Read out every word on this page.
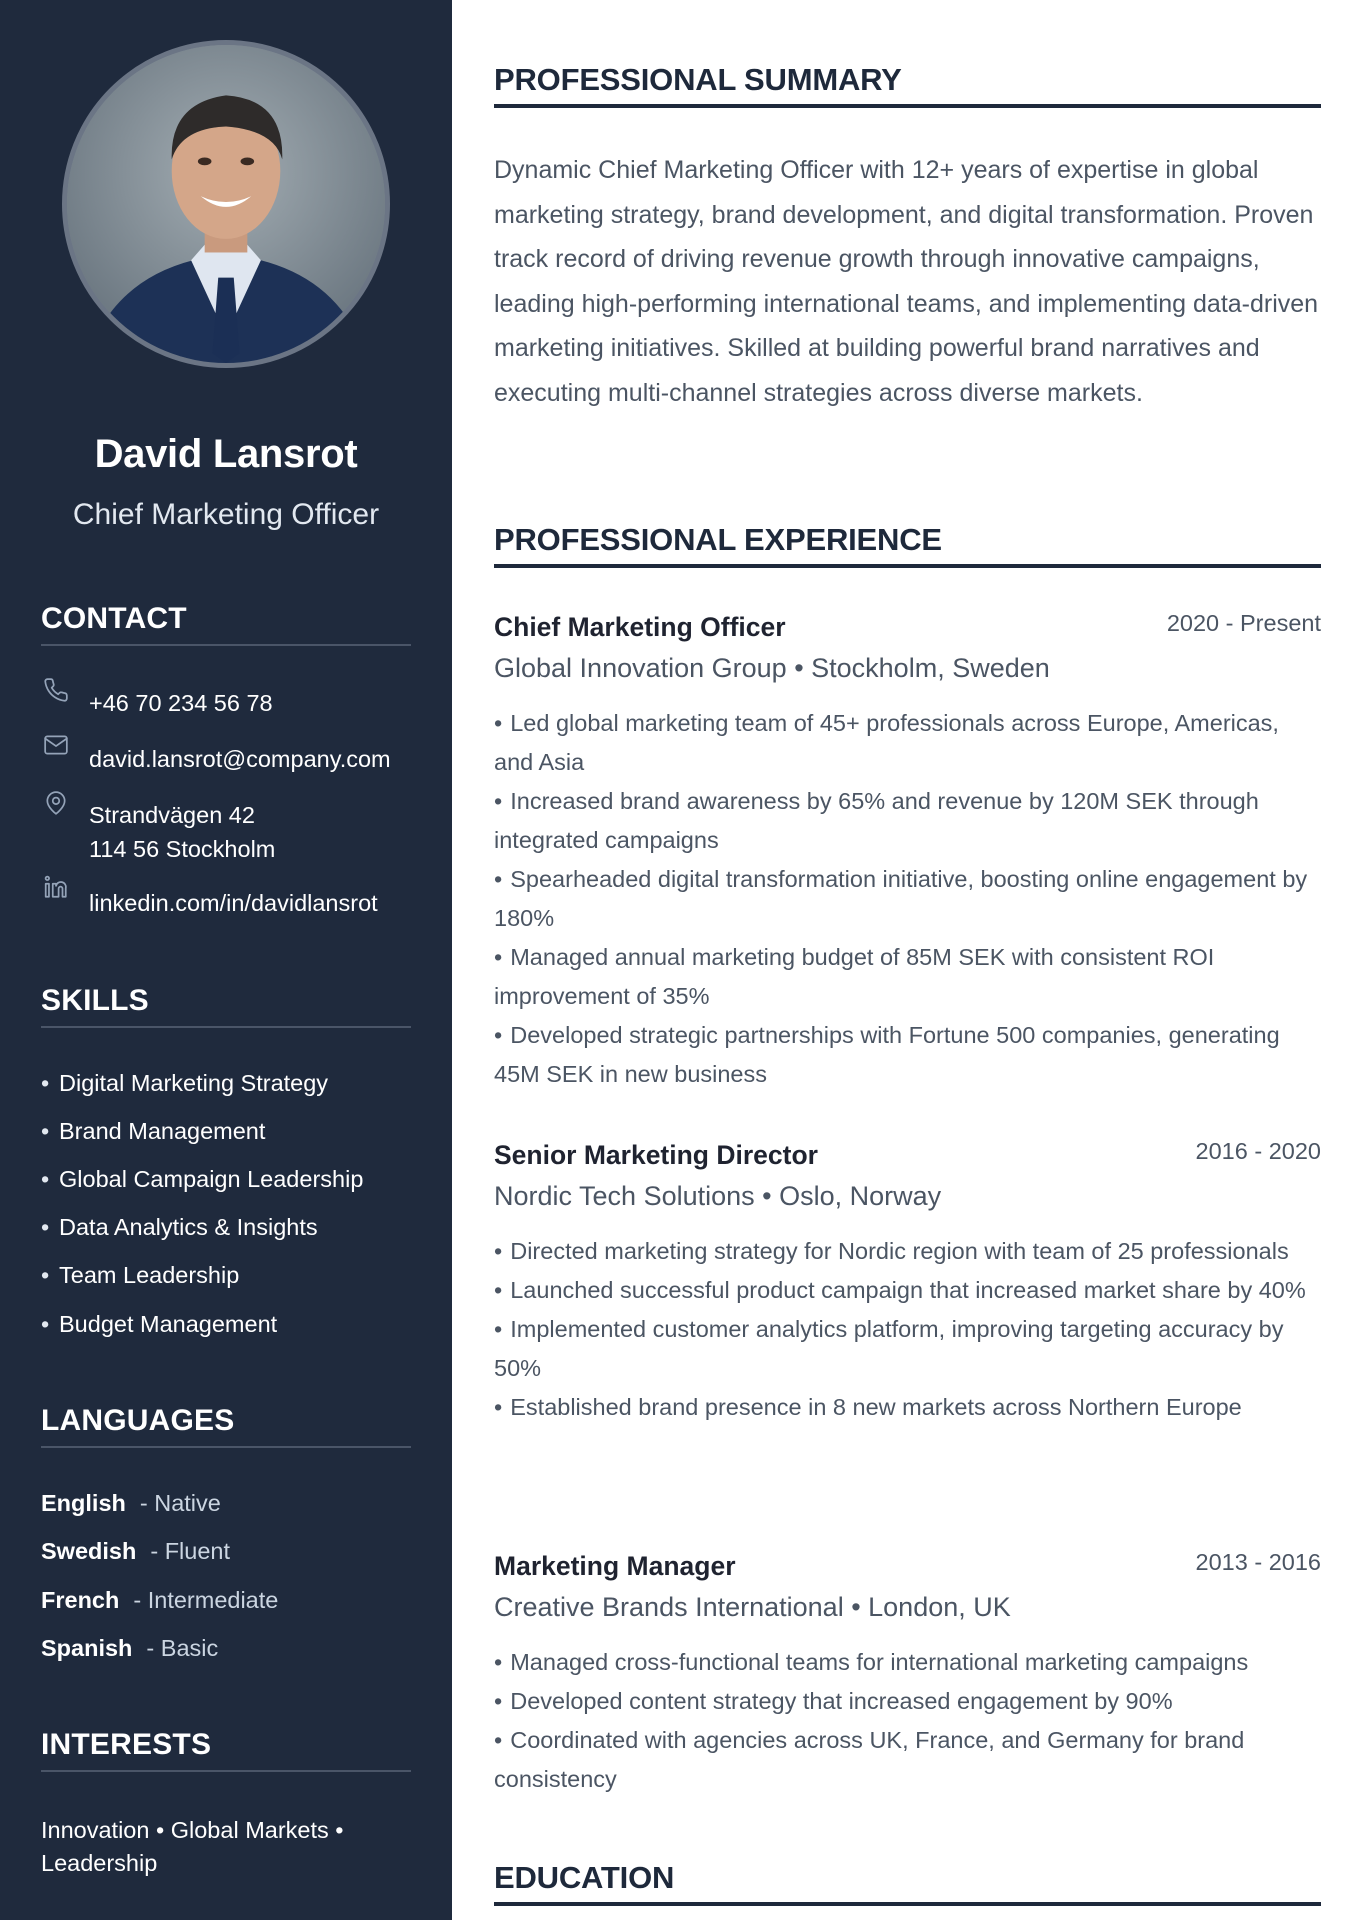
David Lansrot
Chief Marketing Officer
CONTACT
+46 70 234 56 78
david.lansrot@company.com
Strandvägen 42
114 56 Stockholm
linkedin.com/in/davidlansrot
SKILLS
• Digital Marketing Strategy
• Brand Management
• Global Campaign Leadership
• Data Analytics & Insights
• Team Leadership
• Budget Management
LANGUAGES
English - Native
Swedish - Fluent
French - Intermediate
Spanish - Basic
INTERESTS
Innovation • Global Markets • Leadership
PROFESSIONAL SUMMARY

Dynamic Chief Marketing Officer with 12+ years of expertise in global marketing strategy, brand development, and digital transformation. Proven track record of driving revenue growth through innovative campaigns, leading high-performing international teams, and implementing data-driven marketing initiatives. Skilled at building powerful brand narratives and executing multi-channel strategies across diverse markets.

PROFESSIONAL EXPERIENCE
Chief Marketing Officer	2020 - Present
Global Innovation Group • Stockholm, Sweden
• Led global marketing team of 45+ professionals across Europe, Americas, and Asia
• Increased brand awareness by 65% and revenue by 120M SEK through integrated campaigns
• Spearheaded digital transformation initiative, boosting online engagement by 180%
• Managed annual marketing budget of 85M SEK with consistent ROI improvement of 35%
• Developed strategic partnerships with Fortune 500 companies, generating 45M SEK in new business
Senior Marketing Director	2016 - 2020
Nordic Tech Solutions • Oslo, Norway
• Directed marketing strategy for Nordic region with team of 25 professionals
• Launched successful product campaign that increased market share by 40%
• Implemented customer analytics platform, improving targeting accuracy by 50%
• Established brand presence in 8 new markets across Northern Europe
Marketing Manager	2013 - 2016
Creative Brands International • London, UK
• Managed cross-functional teams for international marketing campaigns
• Developed content strategy that increased engagement by 90%
• Coordinated with agencies across UK, France, and Germany for brand consistency
EDUCATION
